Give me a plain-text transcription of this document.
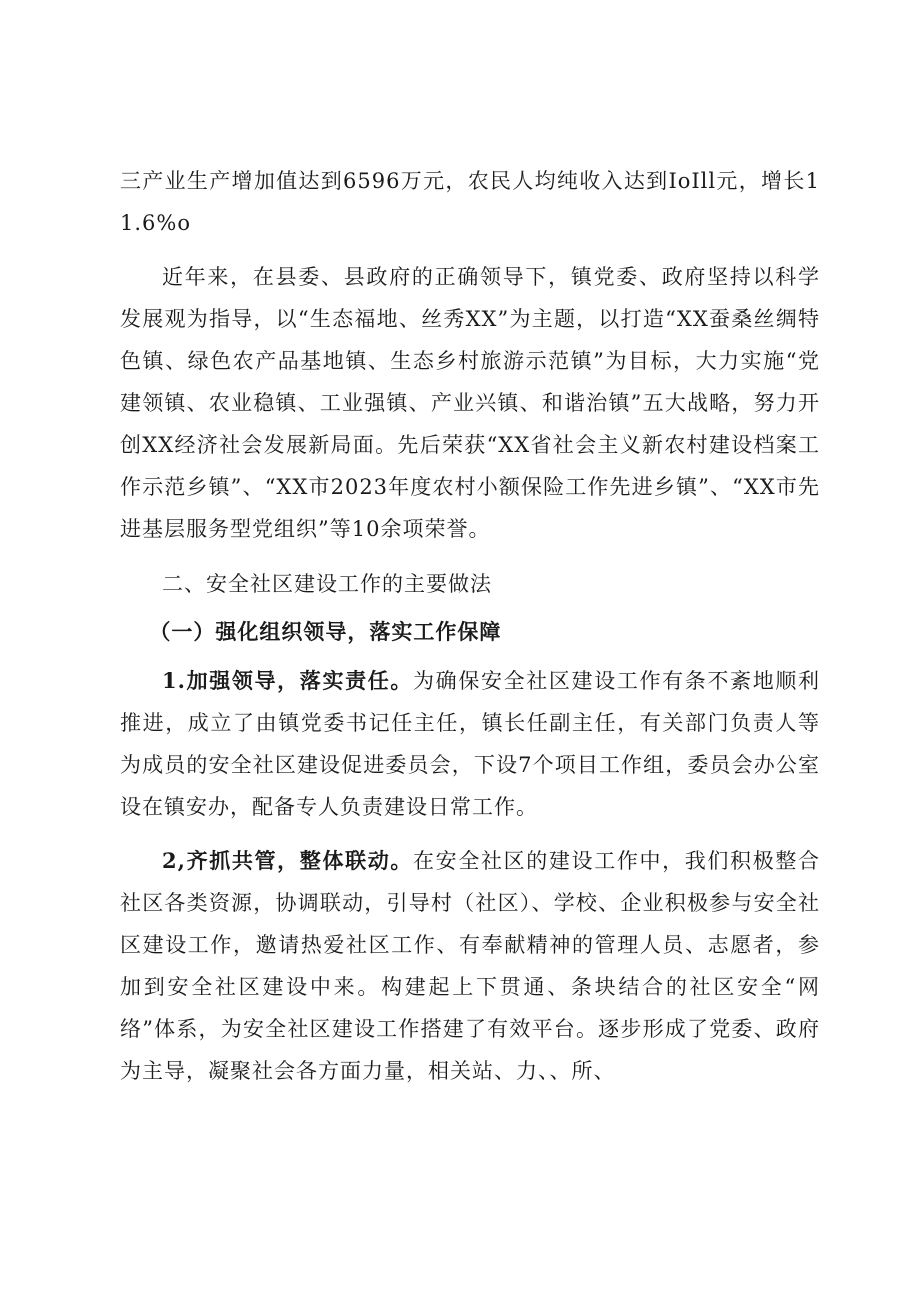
三产业生产增加值达到6596万元，农民人均纯收入达到IoIll元，增长11.6%o

近年来，在县委、县政府的正确领导下，镇党委、政府坚持以科学发展观为指导，以“生态福地、丝秀XX”为主题，以打造“XX蚕桑丝绸特色镇、绿色农产品基地镇、生态乡村旅游示范镇”为目标，大力实施“党建领镇、农业稳镇、工业强镇、产业兴镇、和谐治镇”五大战略，努力开创XX经济社会发展新局面。先后荣获“XX省社会主义新农村建设档案工作示范乡镇”、“XX市2023年度农村小额保险工作先进乡镇”、“XX市先进基层服务型党组织”等10余项荣誉。

二、安全社区建设工作的主要做法
（一）强化组织领导，落实工作保障

1.加强领导，落实责任。为确保安全社区建设工作有条不紊地顺利推进，成立了由镇党委书记任主任，镇长任副主任，有关部门负责人等为成员的安全社区建设促进委员会，下设7个项目工作组，委员会办公室设在镇安办，配备专人负责建设日常工作。

2,齐抓共管，整体联动。在安全社区的建设工作中，我们积极整合社区各类资源，协调联动，引导村（社区）、学校、企业积极参与安全社区建设工作，邀请热爱社区工作、有奉献精神的管理人员、志愿者，参加到安全社区建设中来。构建起上下贯通、条块结合的社区安全“网络”体系，为安全社区建设工作搭建了有效平台。逐步形成了党委、政府为主导，凝聚社会各方面力量，相关站、力、、所、
